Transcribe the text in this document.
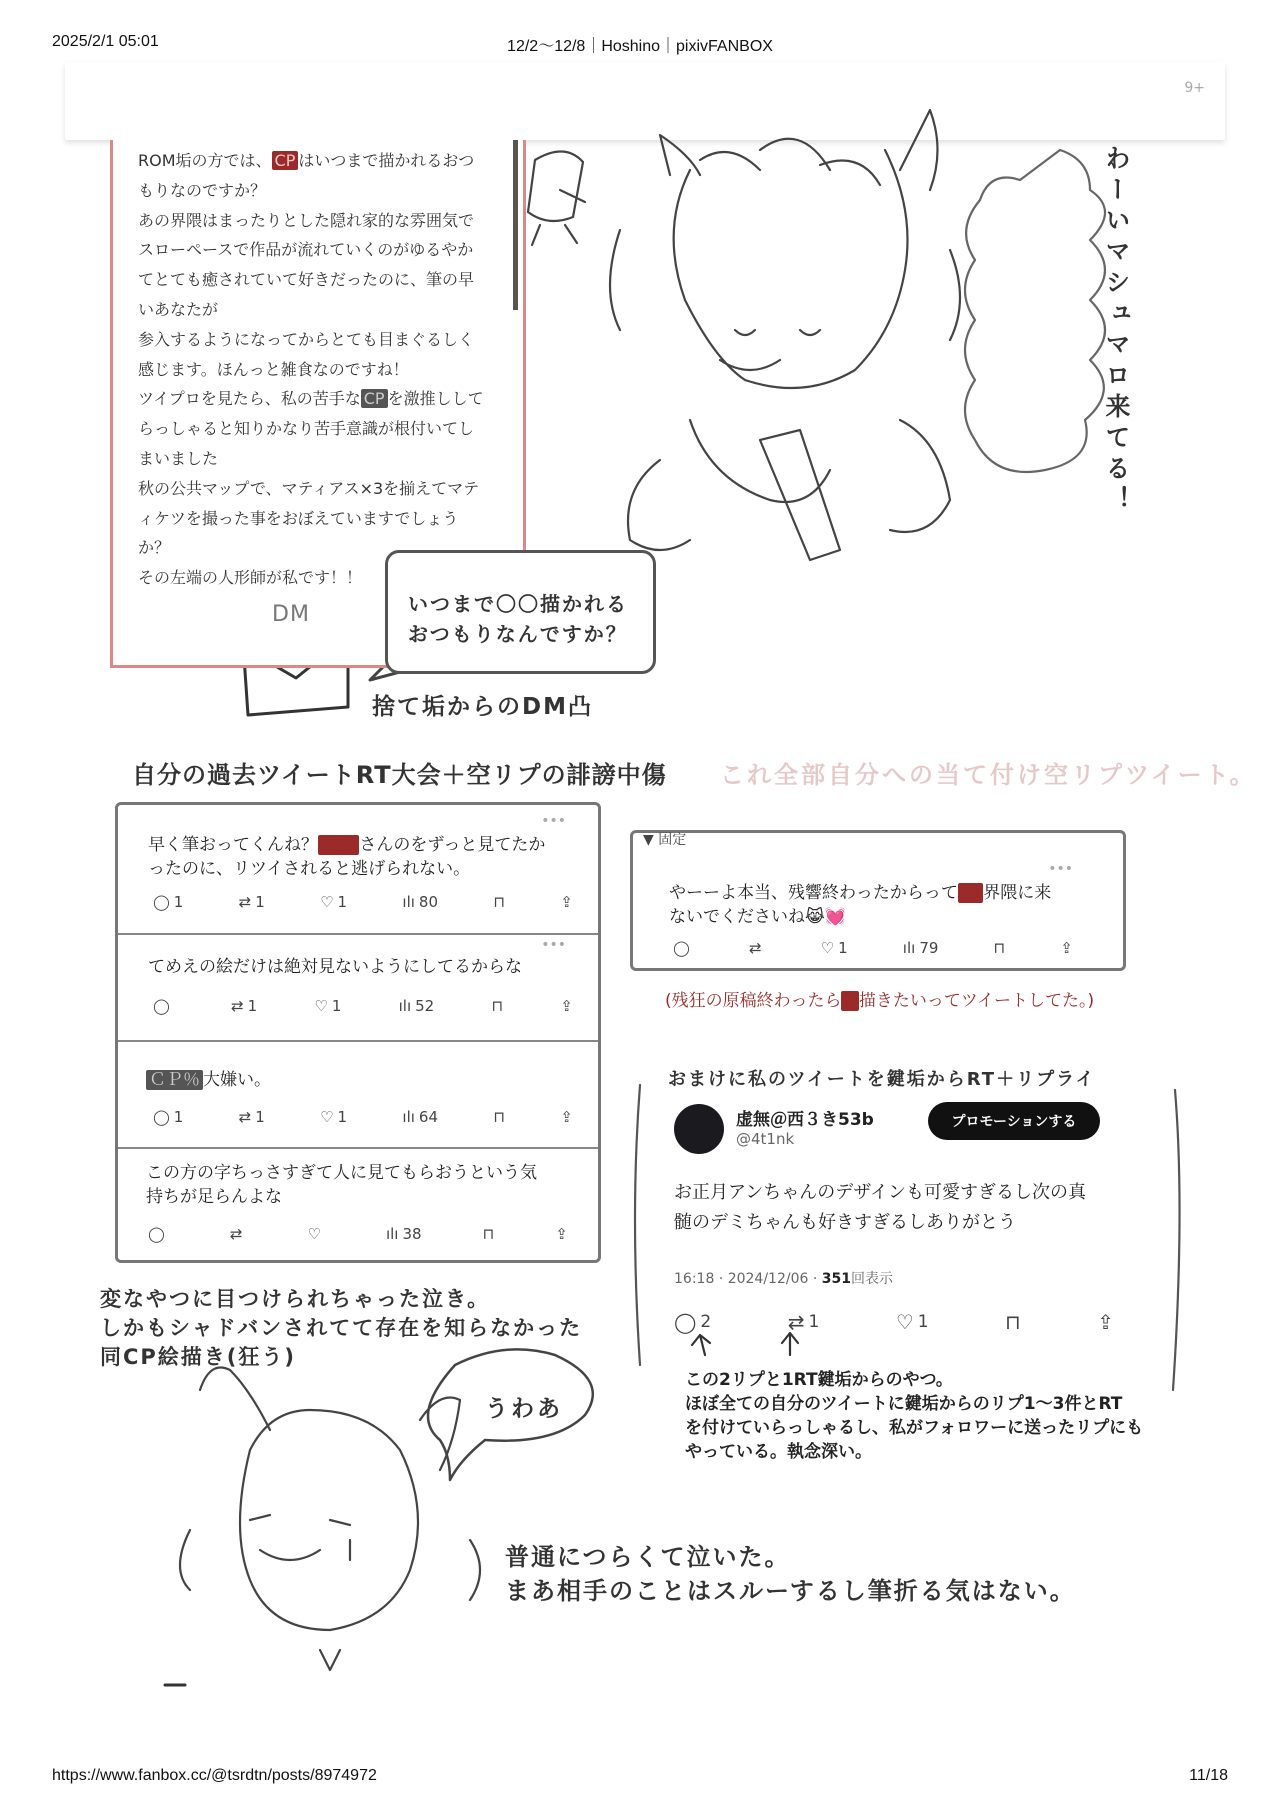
2025/2/1 05:01	12/2～12/8｜Hoshino｜pixivFANBOX
https://www.fanbox.cc/@tsrdtn/posts/8974972	11/18
9+
ROM垢の方では、 CP はいつまで描かれるおつ
もりなのですか？
あの界隈はまったりとした隠れ家的な雰囲気で
スローペースで作品が流れていくのがゆるやか
てとても癒されていて好きだったのに、筆の早
いあなたが
参入するようになってからとても目まぐるしく
感じます。ほんっと雑食なのですね！
ツイプロを見たら、私の苦手な CP を激推しして
らっしゃると知りかなり苦手意識が根付いてし
まいました
秋の公共マップで、マティアス×3を揃えてマテ
ィケツを撮った事をおぼえていますでしょう
か？
その左端の人形師が私です！！
DM	いつまで〇〇描かれる
おつもりなんですか？
捨て垢からのDM凸
わーいマシュマロ来てる！
自分の過去ツイートRT大会＋空リプの誹謗中傷 これ全部自分への当て付け空リプツイート。
早く筆おってくんね？ さんのをずっと見てたか
ったのに、リツイされると逃げられない。
•••
◯ 1	⇄ 1	♡ 1	ılı 80	⊓	⇪
てめえの絵だけは絶対見ないようにしてるからな
•••
◯	⇄ 1	♡ 1	ılı 52	⊓	⇪
ＣＰ％ 大嫌い。
◯ 1	⇄ 1	♡ 1	ılı 64	⊓	⇪
この方の字ちっさすぎて人に見てもらおうという気
持ちが足らんよな
◯	⇄	♡	ılı 38	⊓	⇪
▼ 固定
•••
やーーよ本当、残響終わったからって 界隈に来
ないでくださいね😹💓
◯	⇄	♡ 1	ılı 79	⊓	⇪
(残狂の原稿終わったら 描きたいってツイートしてた。)
おまけに私のツイートを鍵垢からRT＋リプライ
虚無＠西３き53b
@4t1nk
プロモーションする
お正月アンちゃんのデザインも可愛すぎるし次の真
髄のデミちゃんも好きすぎるしありがとう
16:18 · 2024/12/06 · 351回表示
◯ 2	⇄ 1	♡ 1	⊓	⇪
この2リプと1RT鍵垢からのやつ。
ほぼ全ての自分のツイートに鍵垢からのリプ1〜3件とRT
を付けていらっしゃるし、私がフォロワーに送ったリプにも
やっている。執念深い。
変なやつに目つけられちゃった泣き。
しかもシャドバンされてて存在を知らなかった
同CP絵描き(狂う)
うわあ
普通につらくて泣いた。
まあ相手のことはスルーするし筆折る気はない。
